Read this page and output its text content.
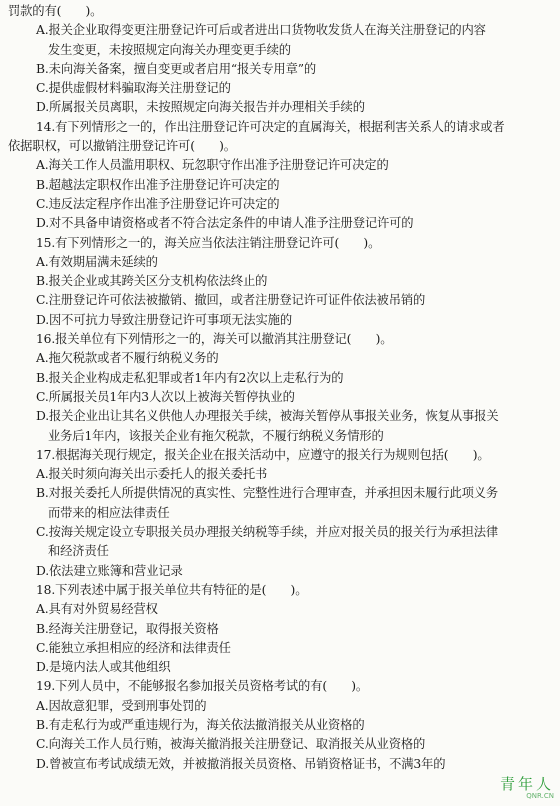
罚款的有(　　)。
A.报关企业取得变更注册登记许可后或者进出口货物收发货人在海关注册登记的内容
发生变更，未按照规定向海关办理变更手续的
B.未向海关备案，擅自变更或者启用“报关专用章”的
C.提供虚假材料骗取海关注册登记的
D.所属报关员离职，未按照规定向海关报告并办理相关手续的
14.有下列情形之一的，作出注册登记许可决定的直属海关，根据利害关系人的请求或者
依据职权，可以撤销注册登记许可(　　)。
A.海关工作人员滥用职权、玩忽职守作出准予注册登记许可决定的
B.超越法定职权作出准予注册登记许可决定的
C.违反法定程序作出准予注册登记许可决定的
D.对不具备申请资格或者不符合法定条件的申请人准予注册登记许可的
15.有下列情形之一的，海关应当依法注销注册登记许可(　　)。
A.有效期届满未延续的
B.报关企业或其跨关区分支机构依法终止的
C.注册登记许可依法被撤销、撤回，或者注册登记许可证件依法被吊销的
D.因不可抗力导致注册登记许可事项无法实施的
16.报关单位有下列情形之一的，海关可以撤消其注册登记(　　)。
A.拖欠税款或者不履行纳税义务的
B.报关企业构成走私犯罪或者1年内有2次以上走私行为的
C.所属报关员1年内3人次以上被海关暂停执业的
D.报关企业出让其名义供他人办理报关手续，被海关暂停从事报关业务，恢复从事报关
业务后1年内，该报关企业有拖欠税款，不履行纳税义务情形的
17.根据海关现行规定，报关企业在报关活动中，应遵守的报关行为规则包括(　　)。
A.报关时须向海关出示委托人的报关委托书
B.对报关委托人所提供情况的真实性、完整性进行合理审查，并承担因未履行此项义务
而带来的相应法律责任
C.按海关规定设立专职报关员办理报关纳税等手续，并应对报关员的报关行为承担法律
和经济责任
D.依法建立账簿和营业记录
18.下列表述中属于报关单位共有特征的是(　　)。
A.具有对外贸易经营权
B.经海关注册登记，取得报关资格
C.能独立承担相应的经济和法律责任
D.是境内法人或其他组织
19.下列人员中，不能够报名参加报关员资格考试的有(　　)。
A.因故意犯罪，受到刑事处罚的
B.有走私行为或严重违规行为，海关依法撤消报关从业资格的
C.向海关工作人员行贿，被海关撤消报关注册登记、取消报关从业资格的
D.曾被宣布考试成绩无效，并被撤消报关员资格、吊销资格证书，不满3年的
青年人
QNR.CN
